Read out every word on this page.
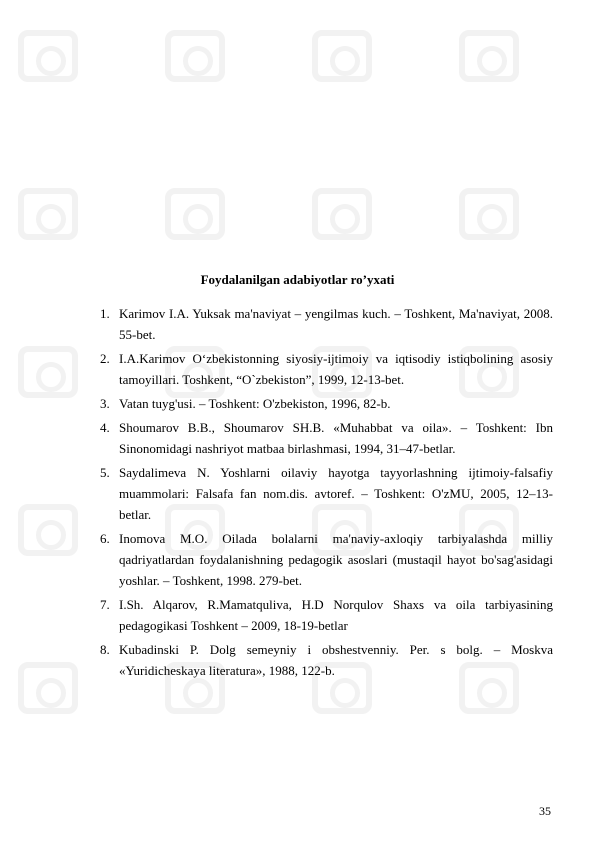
Foydalanilgan adabiyotlar ro’yxati
1. Karimov I.A. Yuksak ma'naviyat – yengilmas kuch. – Toshkent, Ma'naviyat, 2008. 55-bet.
2. I.A.Karimov O‘zbekistonning siyosiy-ijtimoiy va iqtisodiy istiqbolining asosiy tamoyillari. Toshkent, “O`zbekiston”, 1999, 12-13-bet.
3. Vatan tuyg'usi. – Toshkent: O'zbekiston, 1996, 82-b.
4. Shoumarov B.B., Shoumarov SH.B. «Muhabbat va oila». – Toshkent: Ibn Sinonomidagi nashriyot matbaa birlashmasi, 1994, 31–47-betlar.
5. Saydalimeva N. Yoshlarni oilaviy hayotga tayyorlashning ijtimoiy-falsafiy muammolari: Falsafa fan nom.dis. avtoref. – Toshkent: O'zMU, 2005, 12–13-betlar.
6. Inomova M.O. Oilada bolalarni ma'naviy-axloqiy tarbiyalashda milliy qadriyatlardan foydalanishning pedagogik asoslari (mustaqil hayot bo'sag'asidagi yoshlar. – Toshkent, 1998. 279-bet.
7. I.Sh. Alqarov, R.Mamatquliva, H.D Norqulov Shaxs va oila tarbiyasining pedagogikasi Toshkent – 2009, 18-19-betlar
8. Kubadinski P. Dolg semeyniy i obshestvenniy. Per. s bolg. – Moskva «Yuridicheskaya literatura», 1988, 122-b.
35
